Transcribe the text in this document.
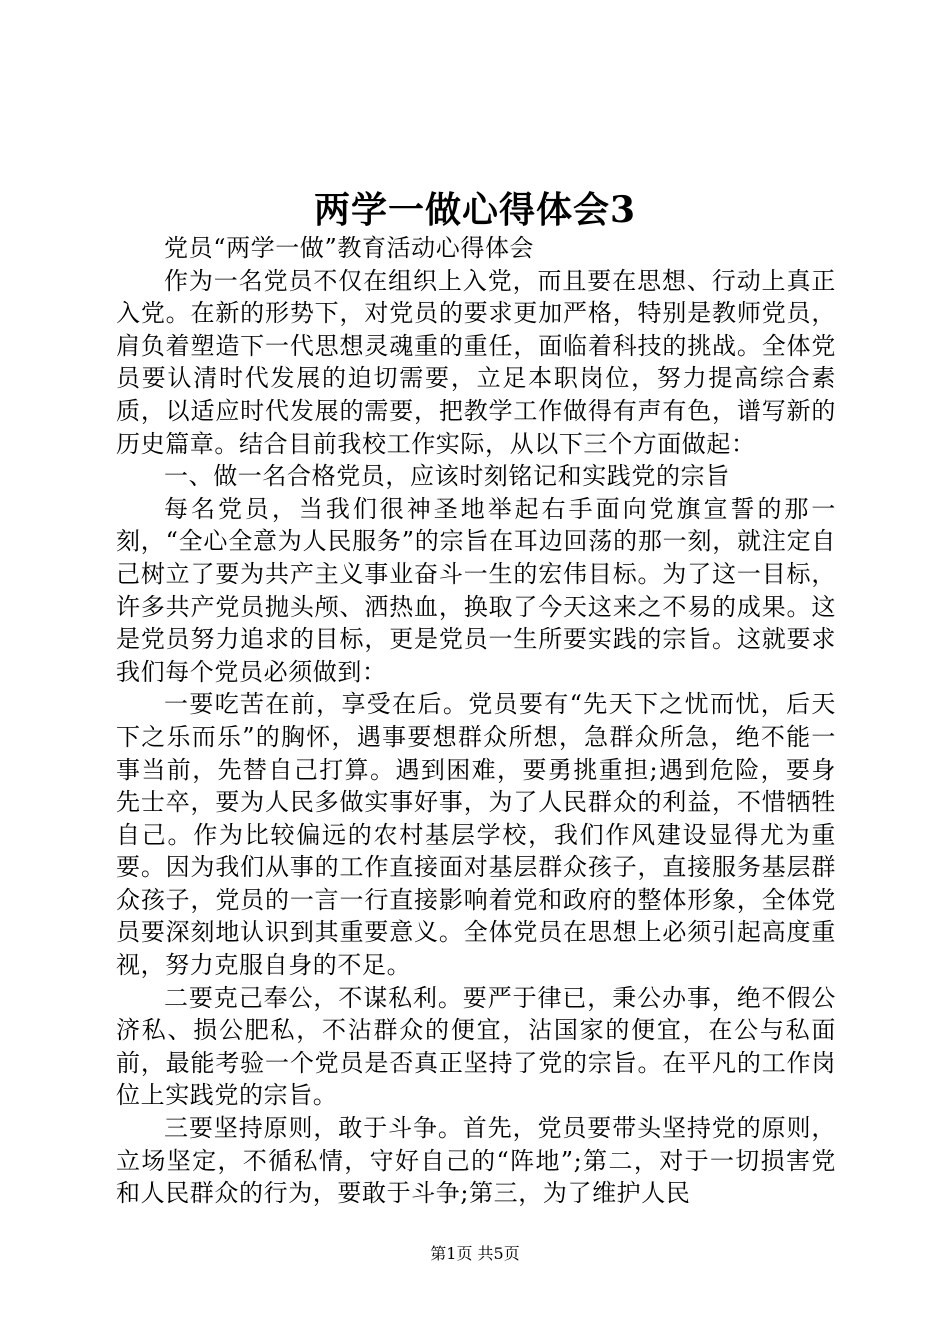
两学一做心得体会3

党员“两学一做”教育活动心得体会

作为一名党员不仅在组织上入党，而且要在思想、行动上真正入党。在新的形势下，对党员的要求更加严格，特别是教师党员，肩负着塑造下一代思想灵魂重的重任，面临着科技的挑战。全体党员要认清时代发展的迫切需要，立足本职岗位，努力提高综合素质，以适应时代发展的需要，把教学工作做得有声有色，谱写新的历史篇章。结合目前我校工作实际，从以下三个方面做起：

一、做一名合格党员，应该时刻铭记和实践党的宗旨

每名党员，当我们很神圣地举起右手面向党旗宣誓的那一刻，“全心全意为人民服务”的宗旨在耳边回荡的那一刻，就注定自己树立了要为共产主义事业奋斗一生的宏伟目标。为了这一目标，许多共产党员抛头颅、洒热血，换取了今天这来之不易的成果。这是党员努力追求的目标，更是党员一生所要实践的宗旨。这就要求我们每个党员必须做到：

一要吃苦在前，享受在后。党员要有“先天下之忧而忧，后天下之乐而乐”的胸怀，遇事要想群众所想，急群众所急，绝不能一事当前，先替自己打算。遇到困难，要勇挑重担;遇到危险，要身先士卒，要为人民多做实事好事，为了人民群众的利益，不惜牺牲自己。作为比较偏远的农村基层学校，我们作风建设显得尤为重要。因为我们从事的工作直接面对基层群众孩子，直接服务基层群众孩子，党员的一言一行直接影响着党和政府的整体形象，全体党员要深刻地认识到其重要意义。全体党员在思想上必须引起高度重视，努力克服自身的不足。

二要克己奉公，不谋私利。要严于律已，秉公办事，绝不假公济私、损公肥私，不沾群众的便宜，沾国家的便宜，在公与私面前，最能考验一个党员是否真正坚持了党的宗旨。在平凡的工作岗位上实践党的宗旨。

三要坚持原则，敢于斗争。首先，党员要带头坚持党的原则，立场坚定，不循私情，守好自己的“阵地”;第二，对于一切损害党和人民群众的行为，要敢于斗争;第三，为了维护人民

第1页 共5页
